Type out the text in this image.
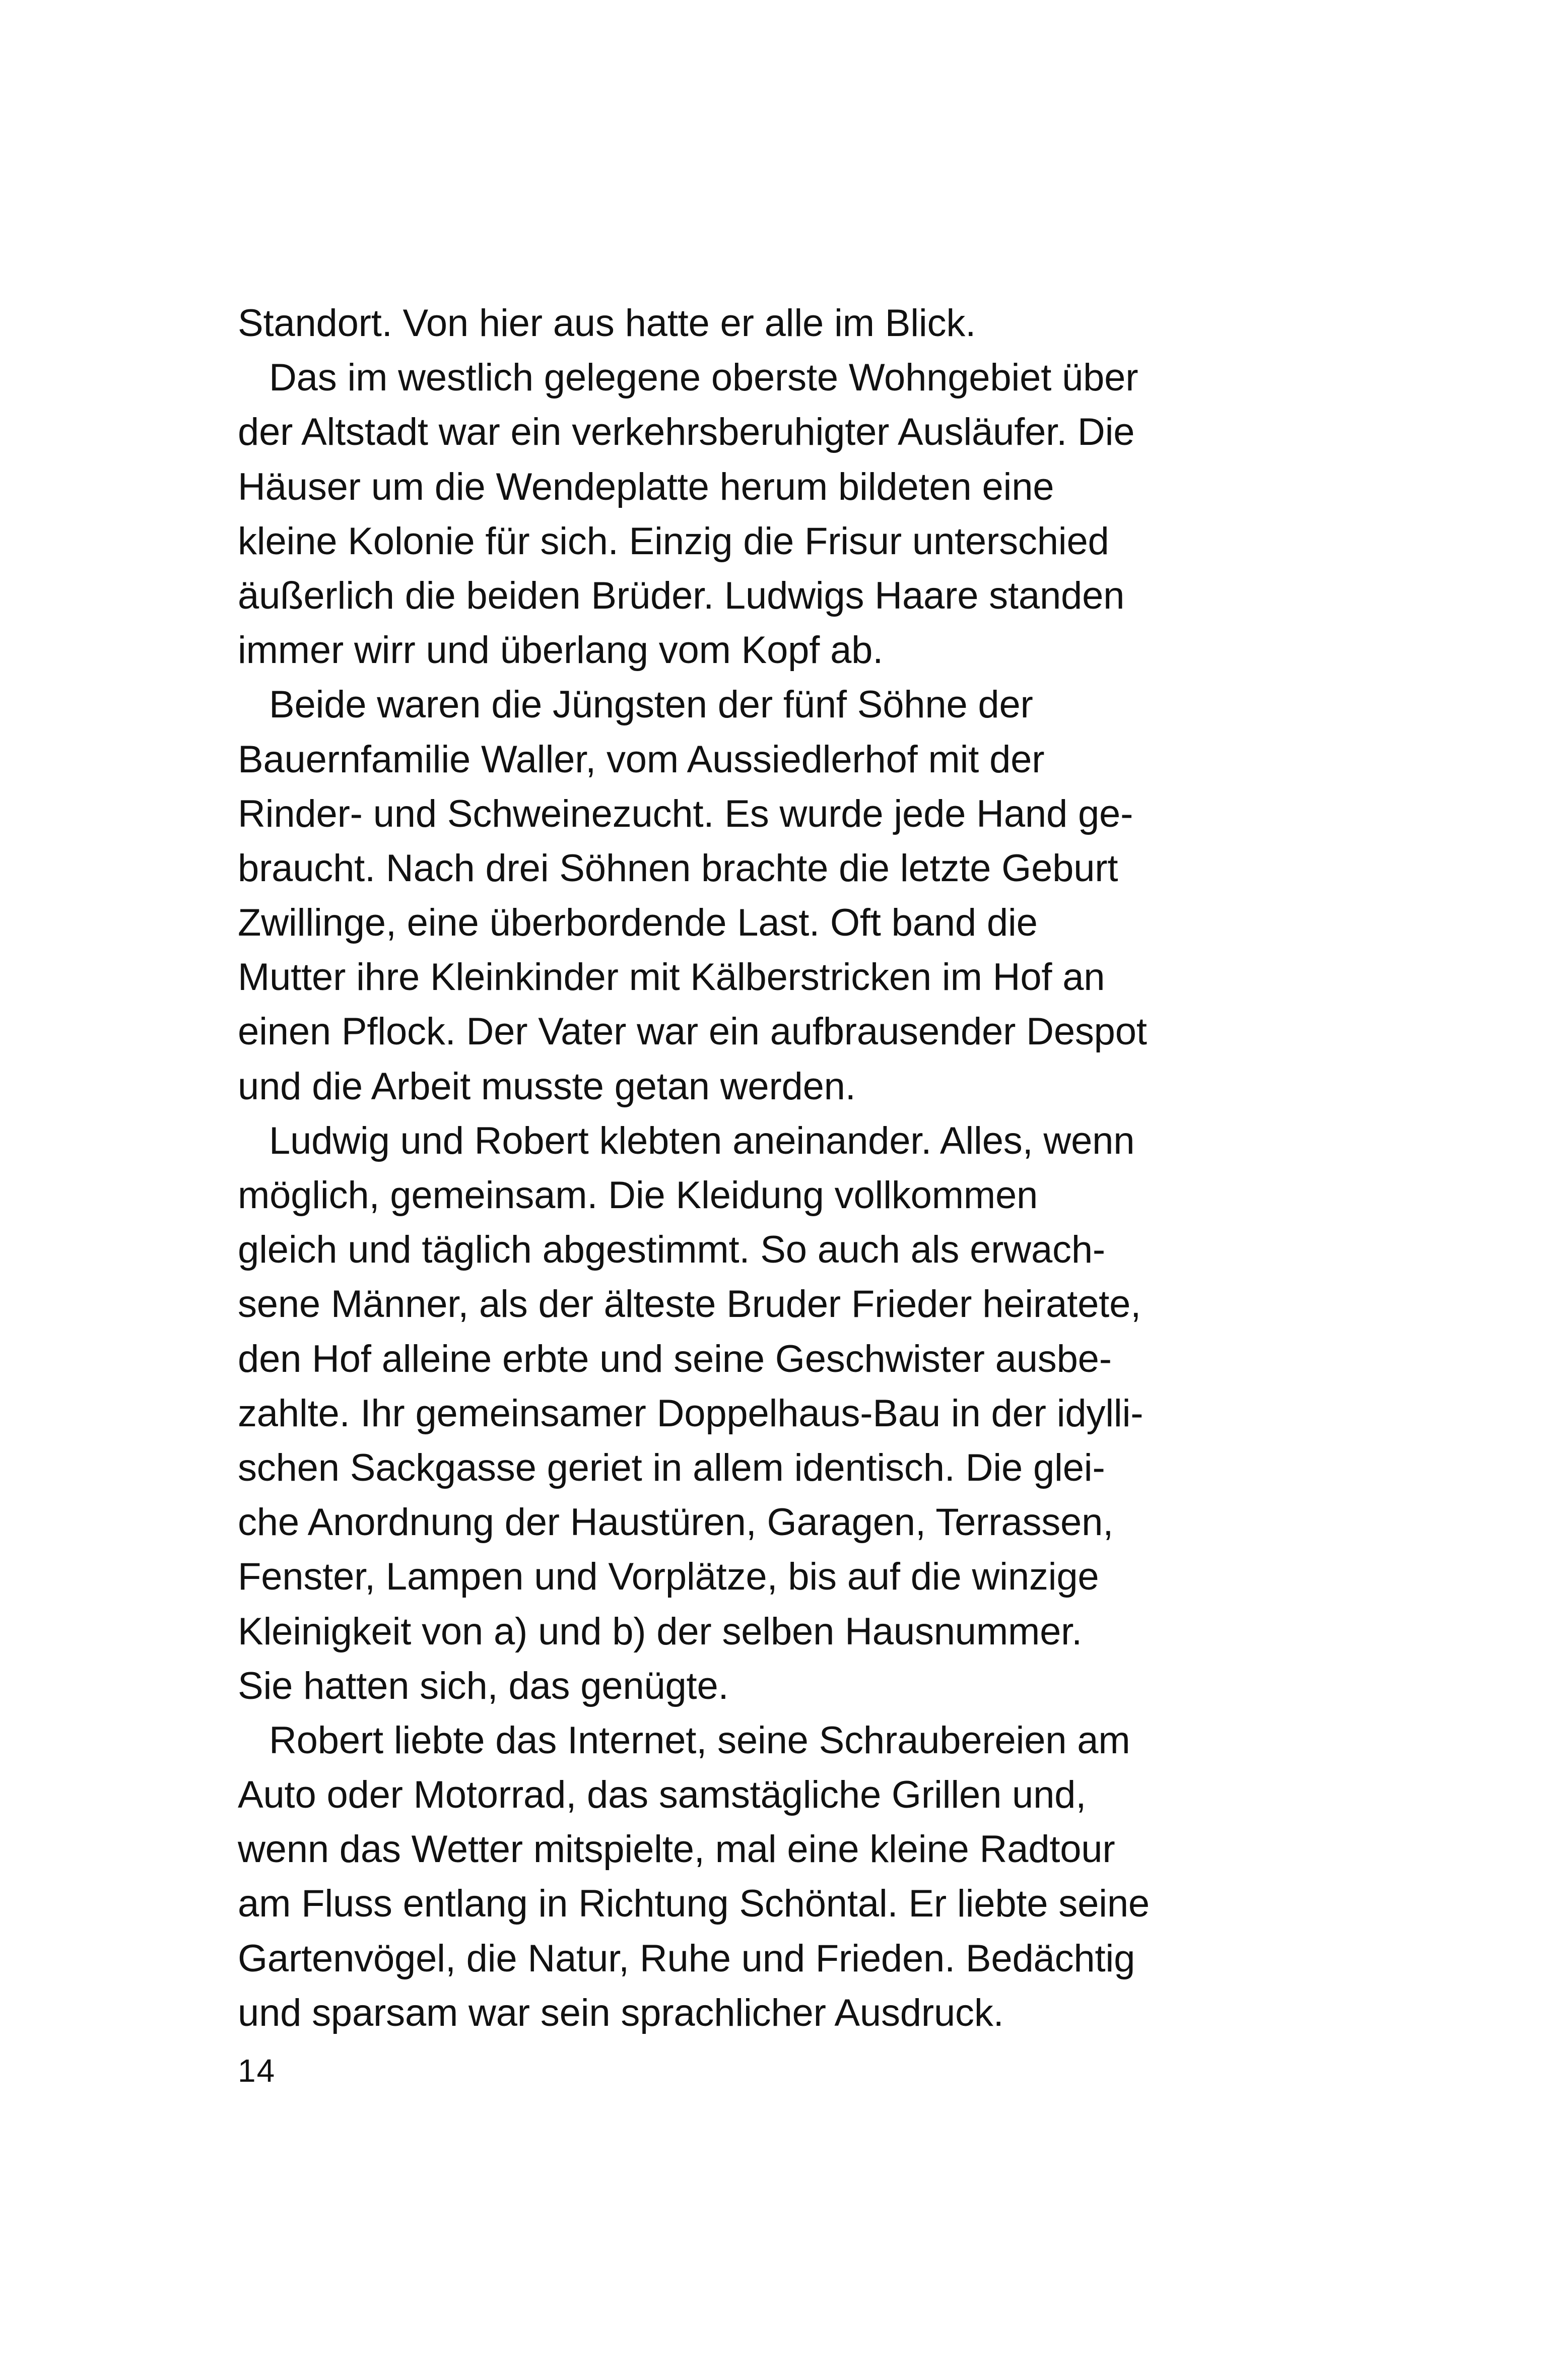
Standort. Von hier aus hatte er alle im Blick.
Das im westlich gelegene oberste Wohngebiet über
der Altstadt war ein verkehrsberuhigter Ausläufer. Die
Häuser um die Wendeplatte herum bildeten eine
kleine Kolonie für sich. Einzig die Frisur unterschied
äußerlich die beiden Brüder. Ludwigs Haare standen
immer wirr und überlang vom Kopf ab.
Beide waren die Jüngsten der fünf Söhne der
Bauernfamilie Waller, vom Aussiedlerhof mit der
Rinder- und Schweinezucht. Es wurde jede Hand ge-
braucht. Nach drei Söhnen brachte die letzte Geburt
Zwillinge, eine überbordende Last. Oft band die
Mutter ihre Kleinkinder mit Kälberstricken im Hof an
einen Pflock. Der Vater war ein aufbrausender Despot
und die Arbeit musste getan werden.
Ludwig und Robert klebten aneinander. Alles, wenn
möglich, gemeinsam. Die Kleidung vollkommen
gleich und täglich abgestimmt. So auch als erwach-
sene Männer, als der älteste Bruder Frieder heiratete,
den Hof alleine erbte und seine Geschwister ausbe-
zahlte. Ihr gemeinsamer Doppelhaus-Bau in der idylli-
schen Sackgasse geriet in allem identisch. Die glei-
che Anordnung der Haustüren, Garagen, Terrassen,
Fenster, Lampen und Vorplätze, bis auf die winzige
Kleinigkeit von a) und b) der selben Hausnummer.
Sie hatten sich, das genügte.
Robert liebte das Internet, seine Schraubereien am
Auto oder Motorrad, das samstägliche Grillen und,
wenn das Wetter mitspielte, mal eine kleine Radtour
am Fluss entlang in Richtung Schöntal. Er liebte seine
Gartenvögel, die Natur, Ruhe und Frieden. Bedächtig
und sparsam war sein sprachlicher Ausdruck.
14
